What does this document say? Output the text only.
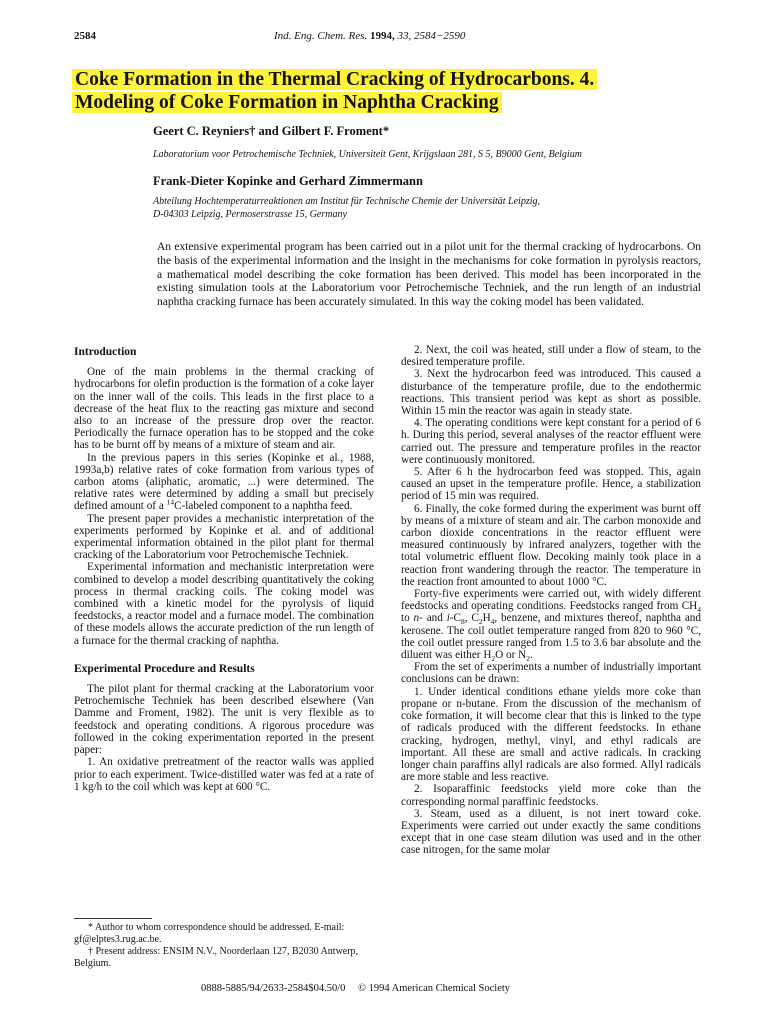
2584	Ind. Eng. Chem. Res. 1994, 33, 2584−2590
Coke Formation in the Thermal Cracking of Hydrocarbons. 4.
Modeling of Coke Formation in Naphtha Cracking
Geert C. Reyniers† and Gilbert F. Froment*
Laboratorium voor Petrochemische Techniek, Universiteit Gent, Krijgslaan 281, S 5, B9000 Gent, Belgium
Frank-Dieter Kopinke and Gerhard Zimmermann
Abteilung Hochtemperaturreaktionen am Institut für Technische Chemie der Universität Leipzig,
D-04303 Leipzig, Permoserstrasse 15, Germany
An extensive experimental program has been carried out in a pilot unit for the thermal cracking of hydrocarbons. On the basis of the experimental information and the insight in the mechanisms for coke formation in pyrolysis reactors, a mathematical model describing the coke formation has been derived. This model has been incorporated in the existing simulation tools at the Laboratorium voor Petrochemische Techniek, and the run length of an industrial naphtha cracking furnace has been accurately simulated. In this way the coking model has been validated.
Introduction

One of the main problems in the thermal cracking of hydrocarbons for olefin production is the formation of a coke layer on the inner wall of the coils. This leads in the first place to a decrease of the heat flux to the reacting gas mixture and second also to an increase of the pressure drop over the reactor. Periodically the furnace operation has to be stopped and the coke has to be burnt off by means of a mixture of steam and air.

In the previous papers in this series (Kopinke et al., 1988, 1993a,b) relative rates of coke formation from various types of carbon atoms (aliphatic, aromatic, ...) were determined. The relative rates were determined by adding a small but precisely defined amount of a $^{14}$C-labeled component to a naphtha feed.

The present paper provides a mechanistic interpretation of the experiments performed by Kopinke et al. and of additional experimental information obtained in the pilot plant for thermal cracking of the Laboratorium voor Petrochemische Techniek.

Experimental information and mechanistic interpretation were combined to develop a model describing quantitatively the coking process in thermal cracking coils. The coking model was combined with a kinetic model for the pyrolysis of liquid feedstocks, a reactor model and a furnace model. The combination of these models allows the accurate prediction of the run length of a furnace for the thermal cracking of naphtha.

Experimental Procedure and Results

The pilot plant for thermal cracking at the Laboratorium voor Petrochemische Techniek has been described elsewhere (Van Damme and Froment, 1982). The unit is very flexible as to feedstock and operating conditions. A rigorous procedure was followed in the coking experimentation reported in the present paper:

1. An oxidative pretreatment of the reactor walls was applied prior to each experiment. Twice-distilled water was fed at a rate of 1 kg/h to the coil which was kept at 600 °C.

2. Next, the coil was heated, still under a flow of steam, to the desired temperature profile.

3. Next the hydrocarbon feed was introduced. This caused a disturbance of the temperature profile, due to the endothermic reactions. This transient period was kept as short as possible. Within 15 min the reactor was again in steady state.

4. The operating conditions were kept constant for a period of 6 h. During this period, several analyses of the reactor effluent were carried out. The pressure and temperature profiles in the reactor were continuously monitored.

5. After 6 h the hydrocarbon feed was stopped. This, again caused an upset in the temperature profile. Hence, a stabilization period of 15 min was required.

6. Finally, the coke formed during the experiment was burnt off by means of a mixture of steam and air. The carbon monoxide and carbon dioxide concentrations in the reactor effluent were measured continuously by infrared analyzers, together with the total volumetric effluent flow. Decoking mainly took place in a reaction front wandering through the reactor. The temperature in the reaction front amounted to about 1000 °C.

Forty-five experiments were carried out, with widely different feedstocks and operating conditions. Feedstocks ranged from $CH_4$ to n- and $i-C_8$, $C_2H_4$, benzene, and mixtures thereof, naphtha and kerosene. The coil outlet temperature ranged from 820 to 960 °C, the coil outlet pressure ranged from 1.5 to 3.6 bar absolute and the diluent was either $H_2O$ or $N_2$.

From the set of experiments a number of industrially important conclusions can be drawn:

1. Under identical conditions ethane yields more coke than propane or n-butane. From the discussion of the mechanism of coke formation, it will become clear that this is linked to the type of radicals produced with the different feedstocks. In ethane cracking, hydrogen, methyl, vinyl, and ethyl radicals are important. All these are small and active radicals. In cracking longer chain paraffins allyl radicals are also formed. Allyl radicals are more stable and less reactive.

2. Isoparaffinic feedstocks yield more coke than the corresponding normal paraffinic feedstocks.

3. Steam, used as a diluent, is not inert toward coke. Experiments were carried out under exactly the same conditions except that in one case steam dilution was used and in the other case nitrogen, for the same molar

* Author to whom correspondence should be addressed. E-mail: gf@elptes3.rug.ac.be.

† Present address: ENSIM N.V., Noorderlaan 127, B2030 Antwerp, Belgium.

0888-5885/94/2633-2584$04.50/0 © 1994 American Chemical Society
